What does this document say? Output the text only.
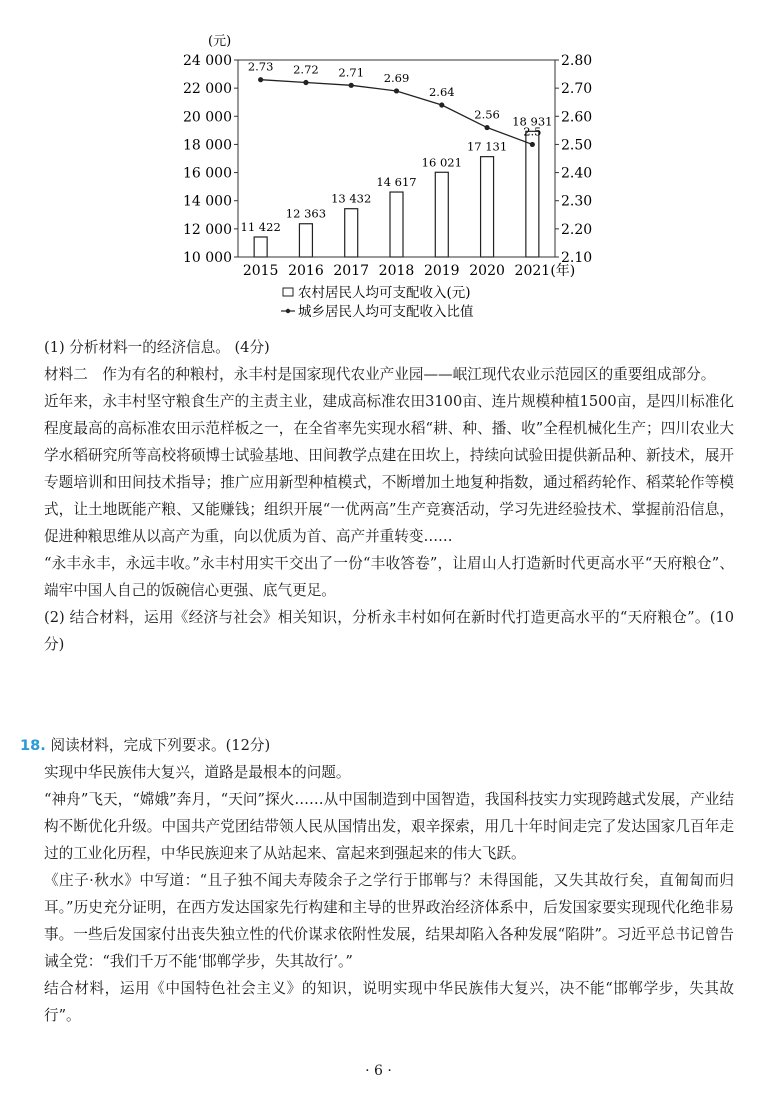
11 422
12 363
13 432
14 617
16 021
17 131
18 931
2.73 2.72 2.71 2.69
2.64
2.56
2.5
10 000
12 000
14 000
16 000
18 000
20 000
22 000
24 000
2.10
2.20
2.30
2.40
2.50
2.60
2.70
2.80
(元)
2015 2016 2017 2018 2019 2020 2021 (年)
农村居民人均可支配收入(元)
城乡居民人均可支配收入比值

(1) 分析材料一的经济信息。 (4分)

材料二　作为有名的种粮村，永丰村是国家现代农业产业园——岷江现代农业示范园区的重要组成部分。

近年来，永丰村坚守粮食生产的主责主业，建成高标准农田3100亩、连片规模种植1500亩，是四川标准化程度最高的高标准农田示范样板之一，在全省率先实现水稻“耕、种、播、收”全程机械化生产；四川农业大学水稻研究所等高校将硕博士试验基地、田间教学点建在田坎上，持续向试验田提供新品种、新技术，展开专题培训和田间技术指导；推广应用新型种植模式，不断增加土地复种指数，通过稻药轮作、稻菜轮作等模式，让土地既能产粮、又能赚钱；组织开展“一优两高”生产竞赛活动，学习先进经验技术、掌握前沿信息，促进种粮思维从以高产为重，向以优质为首、高产并重转变……

“永丰永丰，永远丰收。”永丰村用实干交出了一份“丰收答卷”，让眉山人打造新时代更高水平“天府粮仓”、端牢中国人自己的饭碗信心更强、底气更足。

(2) 结合材料，运用《经济与社会》相关知识，分析永丰村如何在新时代打造更高水平的“天府粮仓”。(10分)

18. 阅读材料，完成下列要求。(12分)

实现中华民族伟大复兴，道路是最根本的问题。

“神舟”飞天，“嫦娥”奔月，“天问”探火……从中国制造到中国智造，我国科技实力实现跨越式发展，产业结构不断优化升级。中国共产党团结带领人民从国情出发，艰辛探索，用几十年时间走完了发达国家几百年走过的工业化历程，中华民族迎来了从站起来、富起来到强起来的伟大飞跃。

《庄子·秋水》中写道：“且子独不闻夫寿陵余子之学行于邯郸与？未得国能，又失其故行矣，直匍匐而归耳。”历史充分证明，在西方发达国家先行构建和主导的世界政治经济体系中，后发国家要实现现代化绝非易事。一些后发国家付出丧失独立性的代价谋求依附性发展，结果却陷入各种发展“陷阱”。习近平总书记曾告诫全党：“我们千万不能‘邯郸学步，失其故行’。”

结合材料，运用《中国特色社会主义》的知识，说明实现中华民族伟大复兴，决不能“邯郸学步，失其故行”。

· 6 ·
